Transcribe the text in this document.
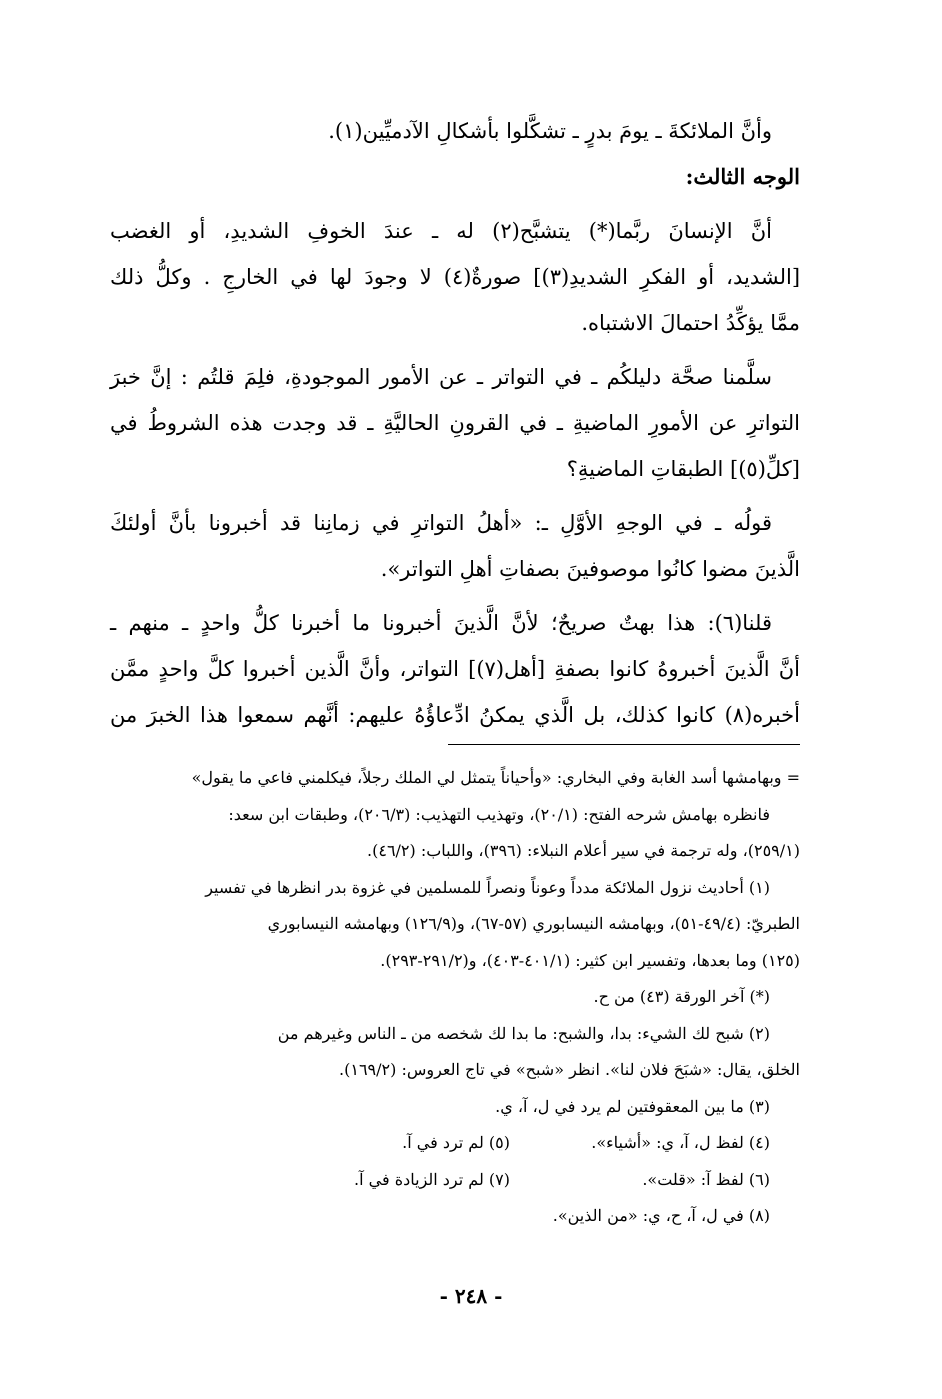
وأنَّ الملائكةَ ـ يومَ بدرٍ ـ تشكَّلوا بأشكالِ الآدميِّين(١).
الوجه الثالث:
أنَّ الإنسانَ ربَّما(*) يتشبَّح(٢) له ـ عندَ الخوفِ الشديدِ، أو الغضب
[الشديد، أو الفكرِ الشديدِ(٣)] صورةٌ(٤) لا وجودَ لها في الخارجِ . وكلُّ ذلك
ممَّا يؤكِّدُ احتمالَ الاشتباه.
سلَّمنا صحَّة دليلكُم ـ في التواتر ـ عن الأمور الموجودةِ، فلِمَ قلتُم : إنَّ خبرَ
التواترِ عن الأمورِ الماضيةِ ـ في القرونِ الحاليَّةِ ـ قد وجدت هذه الشروطُ في
[كلِّ(٥)] الطبقاتِ الماضيةِ؟
قولُه ـ في الوجهِ الأوَّلِ ـ: «أهلُ التواترِ في زمانِنا قد أخبرونا بأنَّ أولئكَ
الَّذينَ مضوا كانُوا موصوفينَ بصفاتِ أهلِ التواتر».
قلنا(٦): هذا بهتٌ صريحٌ؛ لأنَّ الَّذينَ أخبرونا ما أخبرنا كلُّ واحدٍ ـ منهم ـ
أنَّ الَّذينَ أخبروهُ كانوا بصفةِ [أهل(٧)] التواتر، وأنَّ الَّذين أخبروا كلَّ واحدٍ ممَّن
أخبره(٨) كانوا كذلك، بل الَّذي يمكنُ ادِّعاؤُهُ عليهم: أنَّهم سمعوا هذا الخبرَ من
= وبهامشها أسد الغابة وفي البخاري: «وأحياناً يتمثل لي الملك رجلاً، فيكلمني فاعي ما يقول»
فانظره بهامش شرحه الفتح: (٢٠/١)، وتهذيب التهذيب: (٢٠٦/٣)، وطبقات ابن سعد:
(٢٥٩/١)، وله ترجمة في سير أعلام النبلاء: (٣٩٦)، واللباب: (٤٦/٢).
(١) أحاديث نزول الملائكة مدداً وعوناً ونصراً للمسلمين في غزوة بدر انظرها في تفسير
الطبريّ: (٤٩/٤-٥١)، وبهامشه النيسابوري (٥٧-٦٧)، و(١٢٦/٩) وبهامشه النيسابوري
(١٢٥) وما بعدها، وتفسير ابن كثير: (٤٠١/١-٤٠٣)، و(٢٩١/٢-٢٩٣).
(*) آخر الورقة (٤٣) من ح.
(٢) شبح لك الشيء: بدا، والشبح: ما بدا لك شخصه من ـ الناس وغيرهم من
الخلق، يقال: «شبَحَ فلان لنا». انظر «شبح» في تاج العروس: (١٦٩/٢).
(٣) ما بين المعقوفتين لم يرد في ل، آ، ي.
(٤) لفظ ل، آ، ي: «أشياء».
(٥) لم ترد في آ.
(٦) لفظ آ: «قلت».
(٧) لم ترد الزيادة في آ.
(٨) في ل، آ، ح، ي: «من الذين».
- ٢٤٨ -
